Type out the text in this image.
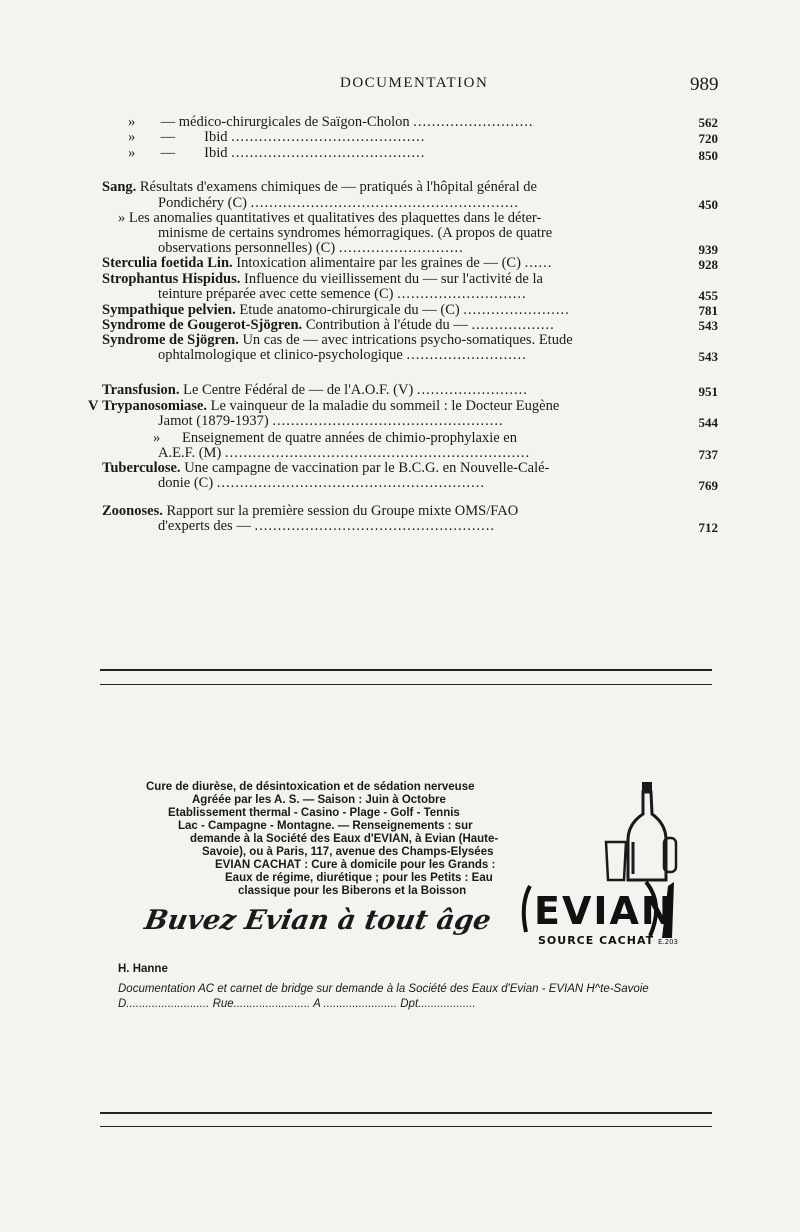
DOCUMENTATION	989
» — médico-chirurgicales de Saïgon-Cholon ..........................	562
» —        Ibid ..........................................	720
» —        Ibid ..........................................	850
Sang. Résultats d'examens chimiques de — pratiqués à l'hôpital général de
Pondichéry (C) ..........................................................	450
» Les anomalies quantitatives et qualitatives des plaquettes dans le déter-
minisme de certains syndromes hémorragiques. (A propos de quatre
observations personnelles) (C) ...........................	939
Sterculia foetida Lin. Intoxication alimentaire par les graines de — (C) ......	928
Strophantus Hispidus. Influence du vieillissement du — sur l'activité de la
teinture préparée avec cette semence (C) ............................	455
Sympathique pelvien. Etude anatomo-chirurgicale du — (C) .......................	781
Syndrome de Gougerot-Sjögren. Contribution à l'étude du — ..................	543
Syndrome de Sjögren. Un cas de — avec intrications psycho-somatiques. Etude
ophtalmologique et clinico-psychologique ..........................	543
Transfusion. Le Centre Fédéral de — de l'A.O.F. (V) ........................	951
V Trypanosomiase. Le vainqueur de la maladie du sommeil : le Docteur Eugène
Jamot (1879-1937) ..................................................	544
»      Enseignement de quatre années de chimio-prophylaxie en
A.E.F. (M) ..................................................................	737
Tuberculose. Une campagne de vaccination par le B.C.G. en Nouvelle-Calé-
donie (C) ..........................................................	769
Zoonoses. Rapport sur la première session du Groupe mixte OMS/FAO
d'experts des — ....................................................	712
Cure de diurèse, de désintoxication et de sédation nerveuse
Agréée par les A. S. — Saison : Juin à Octobre
Etablissement thermal - Casino - Plage - Golf - Tennis
Lac - Campagne - Montagne. — Renseignements : sur
demande à la Société des Eaux d'EVIAN, à Evian (Haute-
Savoie), ou à Paris, 117, avenue des Champs-Elysées
EVIAN CACHAT : Cure à domicile pour les Grands :
Eaux de régime, diurétique ; pour les Petits : Eau
classique pour les Biberons et la Boisson
Buvez Evian à tout âge EVIAN
SOURCE CACHAT E.203
H. Hanne
Documentation AC et carnet de bridge sur demande à la Société des Eaux d'Evian - EVIAN H^te-Savoie
D.......................... Rue........................ A ....................... Dpt..................
